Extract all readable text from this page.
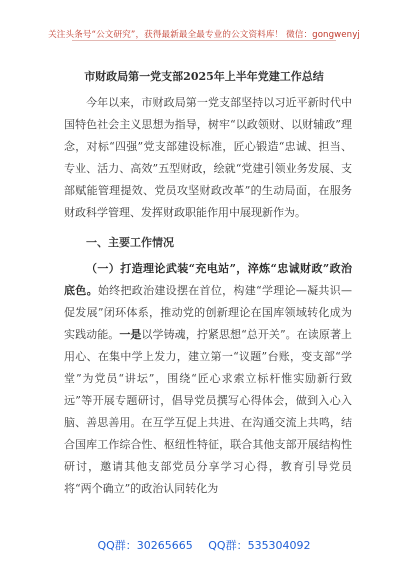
关注头条号“公文研究”，获得最新最全最专业的公文资料库！ 微信：gongwenyj
市财政局第一党支部2025年上半年党建工作总结

今年以来，市财政局第一党支部坚持以习近平新时代中国特色社会主义思想为指导，树牢“以政领财、以财辅政”理念，对标“四强”党支部建设标准，匠心锻造“忠诚、担当、专业、活力、高效”五型财政，绘就“党建引领业务发展、支部赋能管理提效、党员攻坚财政改革”的生动局面，在服务财政科学管理、发挥财政职能作用中展现新作为。

一、主要工作情况

（一）打造理论武装“充电站”，淬炼“忠诚财政”政治底色。始终把政治建设摆在首位，构建“学理论—凝共识—促发展”闭环体系，推动党的创新理论在国库领域转化成为实践动能。一是以学铸魂，拧紧思想“总开关”。在读原著上用心、在集中学上发力，建立第一“议题”台账，变支部“学堂”为党员“讲坛”，围绕“匠心求索立标杆惟实励新行致远”等开展专题研讨，倡导党员撰写心得体会，做到入心入脑、善思善用。在互学互促上共进、在沟通交流上共鸣，结合国库工作综合性、枢纽性特征，联合其他支部开展结构性研讨，邀请其他支部党员分享学习心得，教育引导党员将“两个确立”的政治认同转化为

QQ群：30265665 QQ群：535304092
